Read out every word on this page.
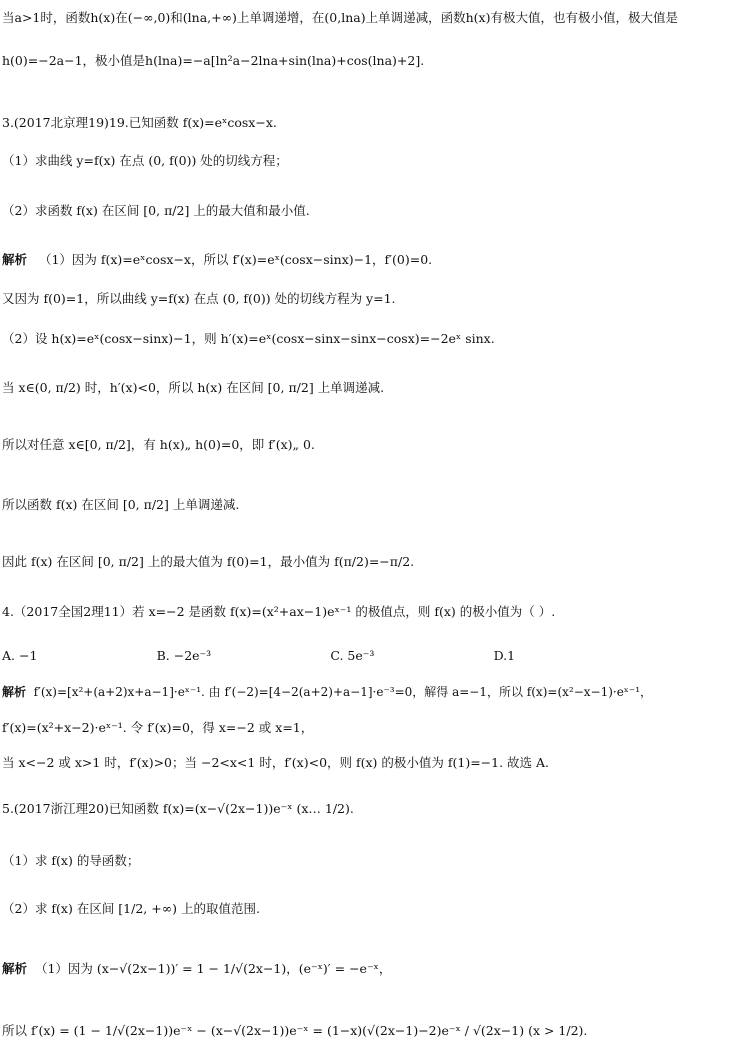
当a>1时，函数h(x)在(−∞,0)和(lna,+∞)上单调递增，在(0,lna)上单调递减，函数h(x)有极大值，也有极小值，极大值是
h(0)=−2a−1，极小值是h(lna)=−a[ln²a−2lna+sin(lna)+cos(lna)+2].
3.(2017北京理19)19.已知函数 f(x)=eˣcosx−x.
（1）求曲线 y=f(x) 在点 (0, f(0)) 处的切线方程；
（2）求函数 f(x) 在区间 [0, π/2] 上的最大值和最小值.
解析 （1）因为 f(x)=eˣcosx−x，所以 f′(x)=eˣ(cosx−sinx)−1，f′(0)=0.
又因为 f(0)=1，所以曲线 y=f(x) 在点 (0, f(0)) 处的切线方程为 y=1.
（2）设 h(x)=eˣ(cosx−sinx)−1，则 h′(x)=eˣ(cosx−sinx−sinx−cosx)=−2eˣ sinx.
当 x∈(0, π/2) 时，h′(x)<0，所以 h(x) 在区间 [0, π/2] 上单调递减.
所以对任意 x∈[0, π/2]，有 h(x)„ h(0)=0，即 f′(x)„ 0.
所以函数 f(x) 在区间 [0, π/2] 上单调递减.
因此 f(x) 在区间 [0, π/2] 上的最大值为 f(0)=1，最小值为 f(π/2)=−π/2.
4.（2017全国2理11）若 x=−2 是函数 f(x)=(x²+ax−1)eˣ⁻¹ 的极值点，则 f(x) 的极小值为（ ）.
A. −1                              B. −2e⁻³                              C. 5e⁻³                              D.1
解析 f′(x)=[x²+(a+2)x+a−1]·eˣ⁻¹. 由 f′(−2)=[4−2(a+2)+a−1]·e⁻³=0，解得 a=−1，所以 f(x)=(x²−x−1)·eˣ⁻¹，
f′(x)=(x²+x−2)·eˣ⁻¹. 令 f′(x)=0，得 x=−2 或 x=1，
当 x<−2 或 x>1 时，f′(x)>0；当 −2<x<1 时，f′(x)<0，则 f(x) 的极小值为 f(1)=−1. 故选 A.
5.(2017浙江理20)已知函数 f(x)=(x−√(2x−1))e⁻ˣ (x… 1/2).
（1）求 f(x) 的导函数；
（2）求 f(x) 在区间 [1/2, +∞) 上的取值范围.
解析 （1）因为 (x−√(2x−1))′ = 1 − 1/√(2x−1)，(e⁻ˣ)′ = −e⁻ˣ，
所以 f′(x) = (1 − 1/√(2x−1))e⁻ˣ − (x−√(2x−1))e⁻ˣ = (1−x)(√(2x−1)−2)e⁻ˣ / √(2x−1) (x > 1/2).
